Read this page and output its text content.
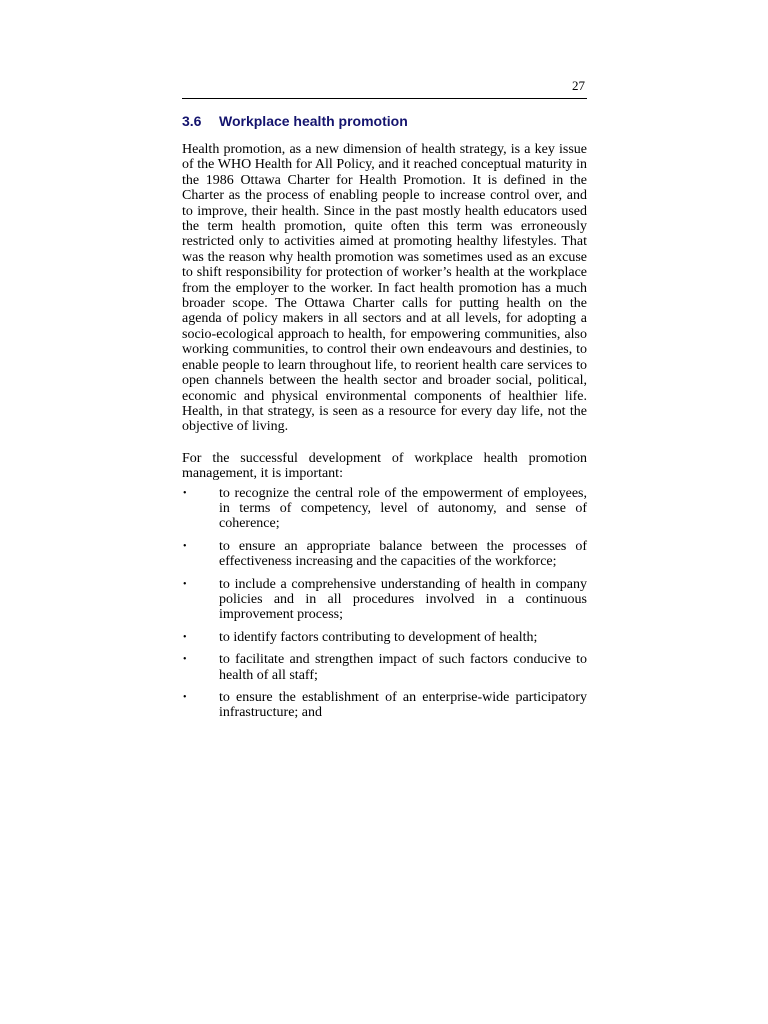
27
3.6	Workplace health promotion

Health promotion, as a new dimension of health strategy, is a key issue of the WHO Health for All Policy, and it reached conceptual maturity in the 1986 Ottawa Charter for Health Promotion. It is defined in the Charter as the process of enabling people to increase control over, and to improve, their health. Since in the past mostly health educators used the term health promotion, quite often this term was erroneously restricted only to activities aimed at promoting healthy lifestyles. That was the reason why health promotion was sometimes used as an excuse to shift responsibility for protection of worker’s health at the workplace from the employer to the worker. In fact health promotion has a much broader scope. The Ottawa Charter calls for putting health on the agenda of policy makers in all sectors and at all levels, for adopting a socio-ecological approach to health, for empowering communities, also working communities, to control their own endeavours and destinies, to enable people to learn throughout life, to reorient health care services to open channels between the health sector and broader social, political, economic and physical environmental components of healthier life. Health, in that strategy, is seen as a resource for every day life, not the objective of living.

For the successful development of workplace health promotion management, it is important:

•	to recognize the central role of the empowerment of employees, in terms of competency, level of autonomy, and sense of coherence;
•	to ensure an appropriate balance between the processes of effectiveness increasing and the capacities of the workforce;
•	to include a comprehensive understanding of health in company policies and in all procedures involved in a continuous improvement process;
•	to identify factors contributing to development of health;
•	to facilitate and strengthen impact of such factors conducive to health of all staff;
•	to ensure the establishment of an enterprise-wide participatory infrastructure; and
